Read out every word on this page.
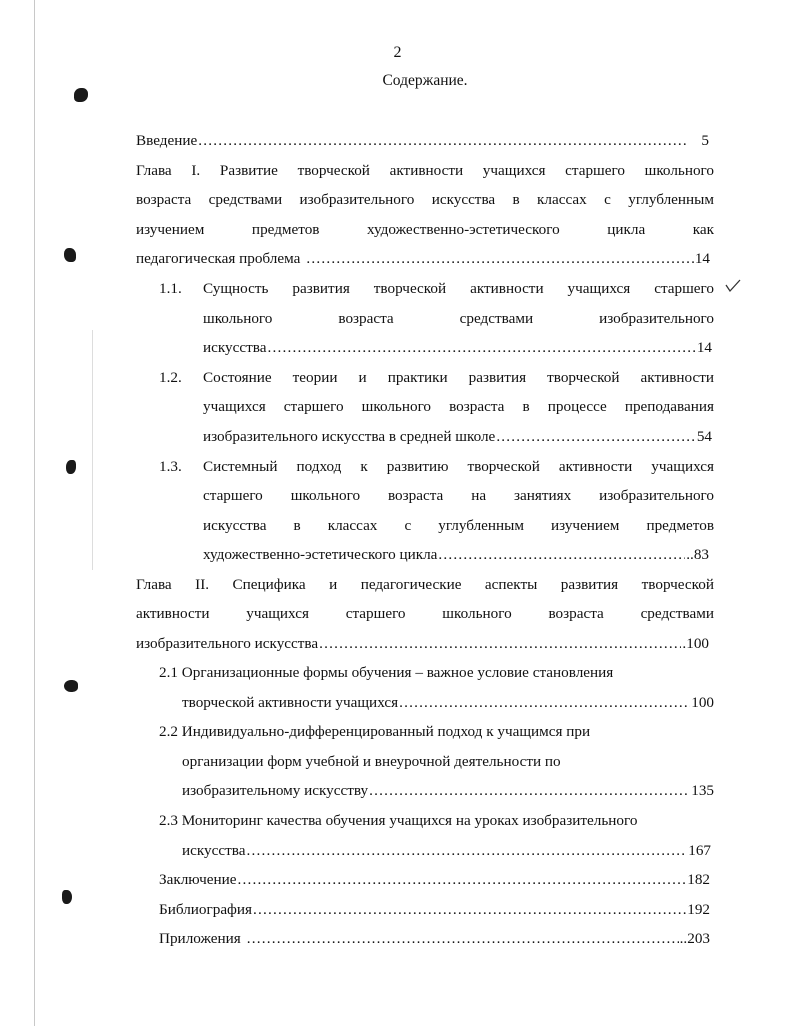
2
Содержание.
Введение .....	5
Глава I. Развитие творческой активности учащихся старшего школьного
возраста средствами изобразительного искусства в классах с углубленным
изучением предметов художественно-эстетического цикла как
педагогическая проблема .....	14
1.1. Сущность развития творческой активности учащихся старшего
школьного возраста средствами изобразительного
искусства .....	14
1.2. Состояние теории и практики развития творческой активности
учащихся старшего школьного возраста в процессе преподавания
изобразительного искусства в средней школе .....	54
1.3. Системный подход к развитию творческой активности учащихся
старшего школьного возраста на занятиях изобразительного
искусства в классах с углубленным изучением предметов
художественно-эстетического цикла .....	..83
Глава II. Специфика и педагогические аспекты развития творческой
активности учащихся старшего школьного возраста средствами
изобразительного искусства .....	.100
2.1 Организационные формы обучения – важное условие становления
творческой активности учащихся .....	100
2.2 Индивидуально-дифференцированный подход к учащимся при
организации форм учебной и внеурочной деятельности по
изобразительному искусству .....	135
2.3 Мониторинг качества обучения учащихся на уроках изобразительного
искусства .....	167
Заключение .....	182
Библиография .....	192
Приложения .....	..203
